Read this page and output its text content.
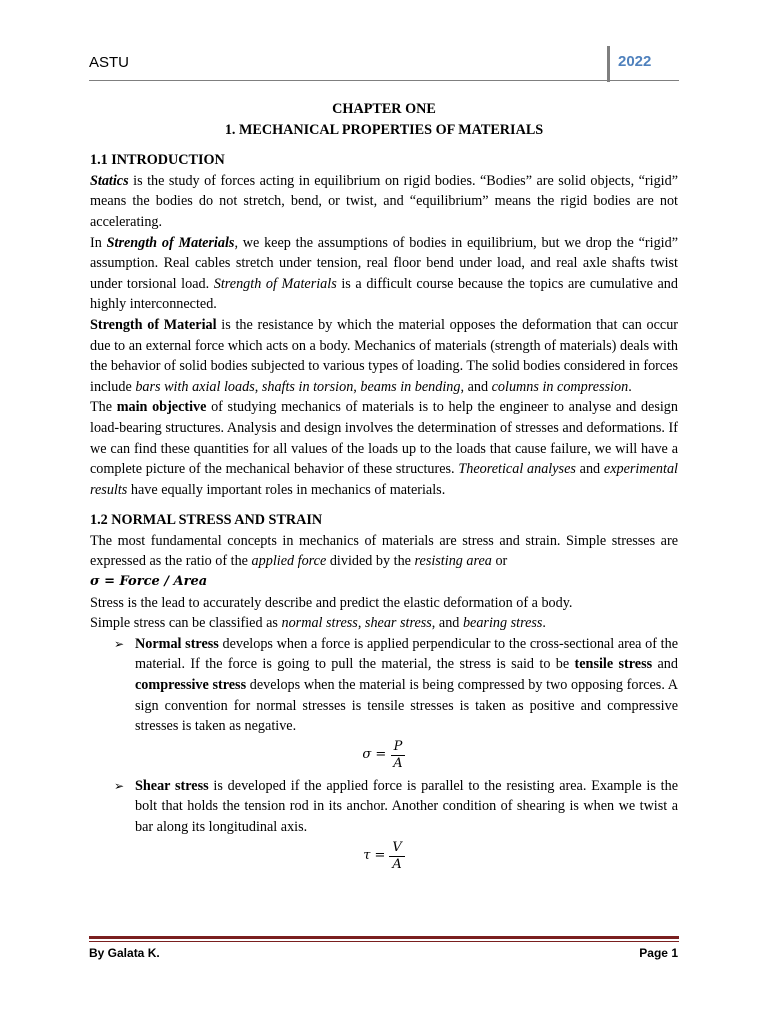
ASTU	2022

CHAPTER ONE

1. MECHANICAL PROPERTIES OF MATERIALS

1.1 INTRODUCTION

Statics is the study of forces acting in equilibrium on rigid bodies. “Bodies” are solid objects, “rigid” means the bodies do not stretch, bend, or twist, and “equilibrium” means the rigid bodies are not accelerating.

In Strength of Materials, we keep the assumptions of bodies in equilibrium, but we drop the “rigid” assumption. Real cables stretch under tension, real floor bend under load, and real axle shafts twist under torsional load. Strength of Materials is a difficult course because the topics are cumulative and highly interconnected.

Strength of Material is the resistance by which the material opposes the deformation that can occur due to an external force which acts on a body. Mechanics of materials (strength of materials) deals with the behavior of solid bodies subjected to various types of loading. The solid bodies considered in forces include bars with axial loads, shafts in torsion, beams in bending, and columns in compression.

The main objective of studying mechanics of materials is to help the engineer to analyse and design load-bearing structures. Analysis and design involves the determination of stresses and deformations. If we can find these quantities for all values of the loads up to the loads that cause failure, we will have a complete picture of the mechanical behavior of these structures. Theoretical analyses and experimental results have equally important roles in mechanics of materials.

1.2 NORMAL STRESS AND STRAIN

The most fundamental concepts in mechanics of materials are stress and strain. Simple stresses are expressed as the ratio of the applied force divided by the resisting area or

σ = Force / Area

Stress is the lead to accurately describe and predict the elastic deformation of a body.

Simple stress can be classified as normal stress, shear stress, and bearing stress.

➢ Normal stress develops when a force is applied perpendicular to the cross-sectional area of the material. If the force is going to pull the material, the stress is said to be tensile stress and compressive stress develops when the material is being compressed by two opposing forces. A sign convention for normal stresses is tensile stresses is taken as positive and compressive stresses is taken as negative.
$\sigma = \frac{P}{A}$
➢ Shear stress is developed if the applied force is parallel to the resisting area. Example is the bolt that holds the tension rod in its anchor. Another condition of shearing is when we twist a bar along its longitudinal axis.
$\tau = \frac{V}{A}$
By Galata K.	Page 1
